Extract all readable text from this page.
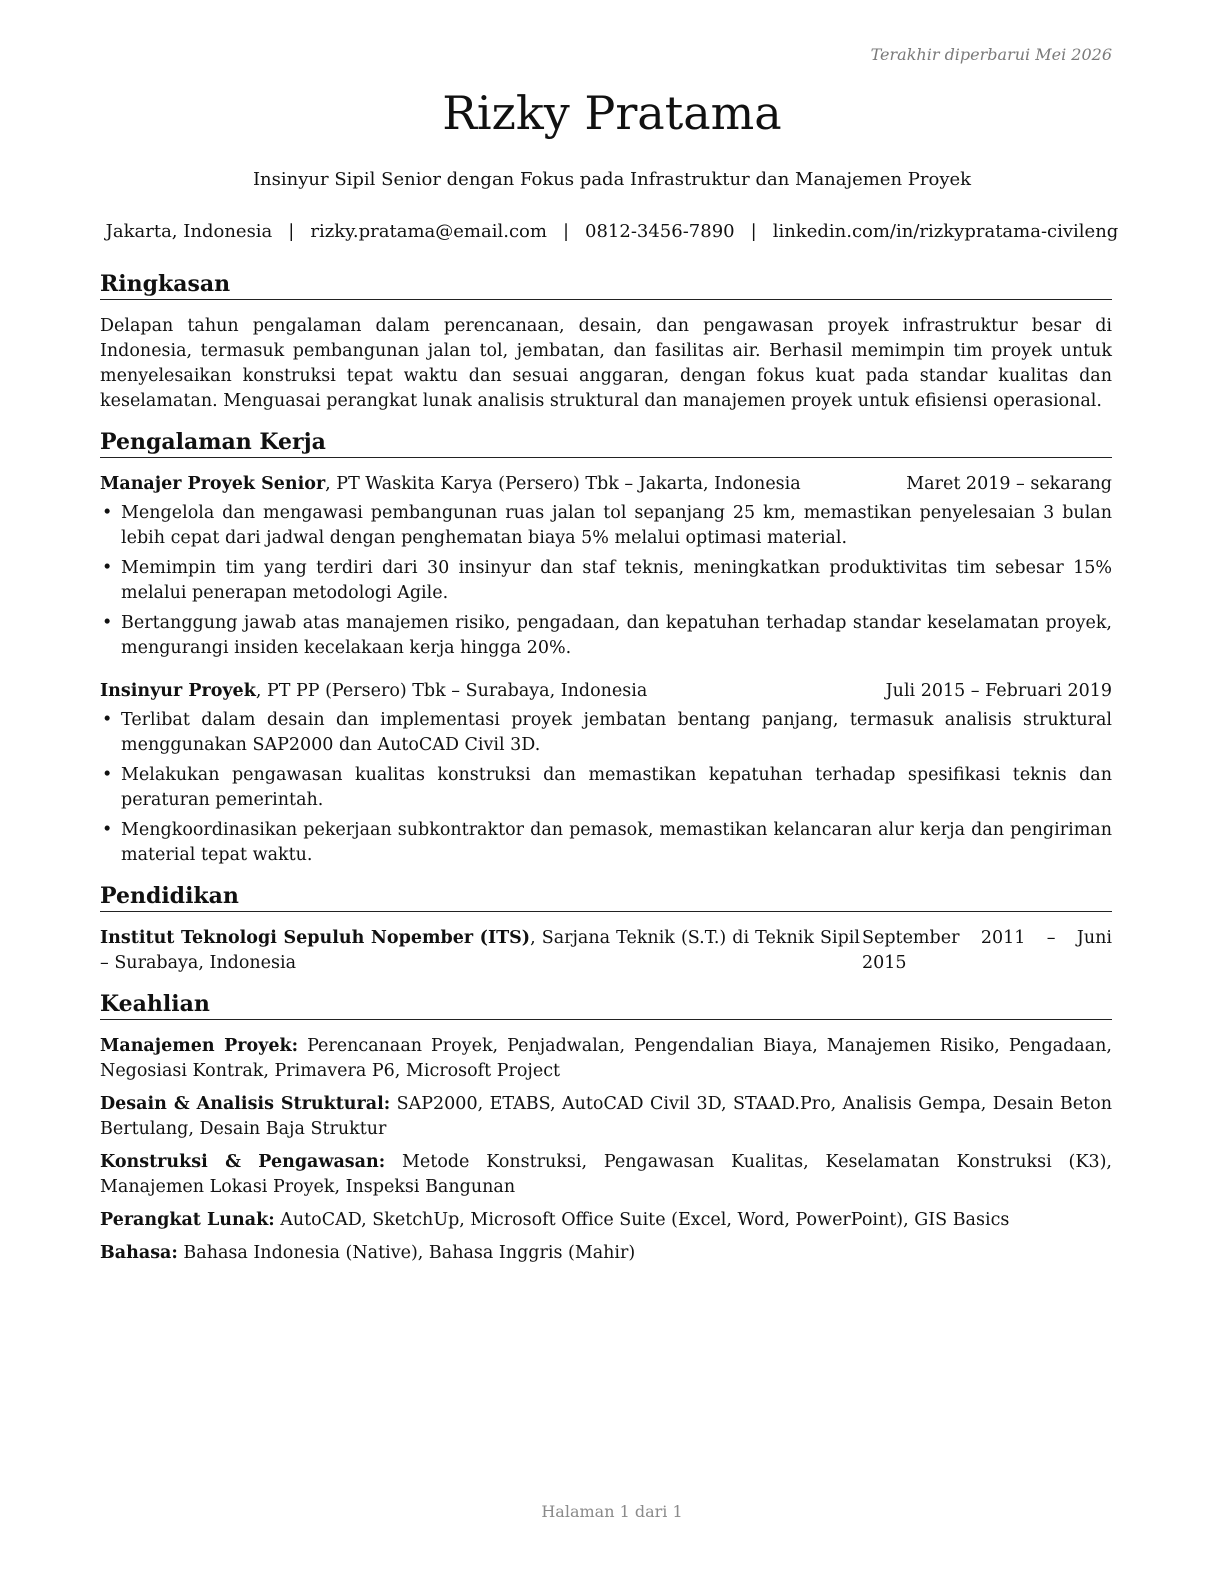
Terakhir diperbarui Mei 2026
Rizky Pratama
Insinyur Sipil Senior dengan Fokus pada Infrastruktur dan Manajemen Proyek
Jakarta, Indonesia | rizky.pratama@email.com | 0812-3456-7890 | linkedin.com/in/rizkypratama-civileng
Ringkasan

Delapan tahun pengalaman dalam perencanaan, desain, dan pengawasan proyek infrastruktur besar di Indonesia, termasuk pembangunan jalan tol, jembatan, dan fasilitas air. Berhasil memimpin tim proyek untuk menyelesaikan konstruksi tepat waktu dan sesuai anggaran, dengan fokus kuat pada standar kualitas dan keselamatan. Menguasai perangkat lunak analisis struktural dan manajemen proyek untuk efisiensi operasional.

Pengalaman Kerja
Manajer Proyek Senior, PT Waskita Karya (Persero) Tbk – Jakarta, Indonesia	Maret 2019 – sekarang
• Mengelola dan mengawasi pembangunan ruas jalan tol sepanjang 25 km, memastikan penyelesaian 3 bulan lebih cepat dari jadwal dengan penghematan biaya 5% melalui optimasi material.
• Memimpin tim yang terdiri dari 30 insinyur dan staf teknis, meningkatkan produktivitas tim sebesar 15% melalui penerapan metodologi Agile.
• Bertanggung jawab atas manajemen risiko, pengadaan, dan kepatuhan terhadap standar keselamatan proyek, mengurangi insiden kecelakaan kerja hingga 20%.
Insinyur Proyek, PT PP (Persero) Tbk – Surabaya, Indonesia	Juli 2015 – Februari 2019
• Terlibat dalam desain dan implementasi proyek jembatan bentang panjang, termasuk analisis struktural menggunakan SAP2000 dan AutoCAD Civil 3D.
• Melakukan pengawasan kualitas konstruksi dan memastikan kepatuhan terhadap spesifikasi teknis dan peraturan pemerintah.
• Mengkoordinasikan pekerjaan subkontraktor dan pemasok, memastikan kelancaran alur kerja dan pengiriman material tepat waktu.
Pendidikan
Institut Teknologi Sepuluh Nopember (ITS), Sarjana Teknik (S.T.) di Teknik Sipil – Surabaya, Indonesia
September 2011 – Juni 2015
Keahlian

Manajemen Proyek: Perencanaan Proyek, Penjadwalan, Pengendalian Biaya, Manajemen Risiko, Pengadaan, Negosiasi Kontrak, Primavera P6, Microsoft Project

Desain & Analisis Struktural: SAP2000, ETABS, AutoCAD Civil 3D, STAAD.Pro, Analisis Gempa, Desain Beton Bertulang, Desain Baja Struktur

Konstruksi & Pengawasan: Metode Konstruksi, Pengawasan Kualitas, Keselamatan Konstruksi (K3), Manajemen Lokasi Proyek, Inspeksi Bangunan

Perangkat Lunak: AutoCAD, SketchUp, Microsoft Office Suite (Excel, Word, PowerPoint), GIS Basics

Bahasa: Bahasa Indonesia (Native), Bahasa Inggris (Mahir)

Halaman 1 dari 1
